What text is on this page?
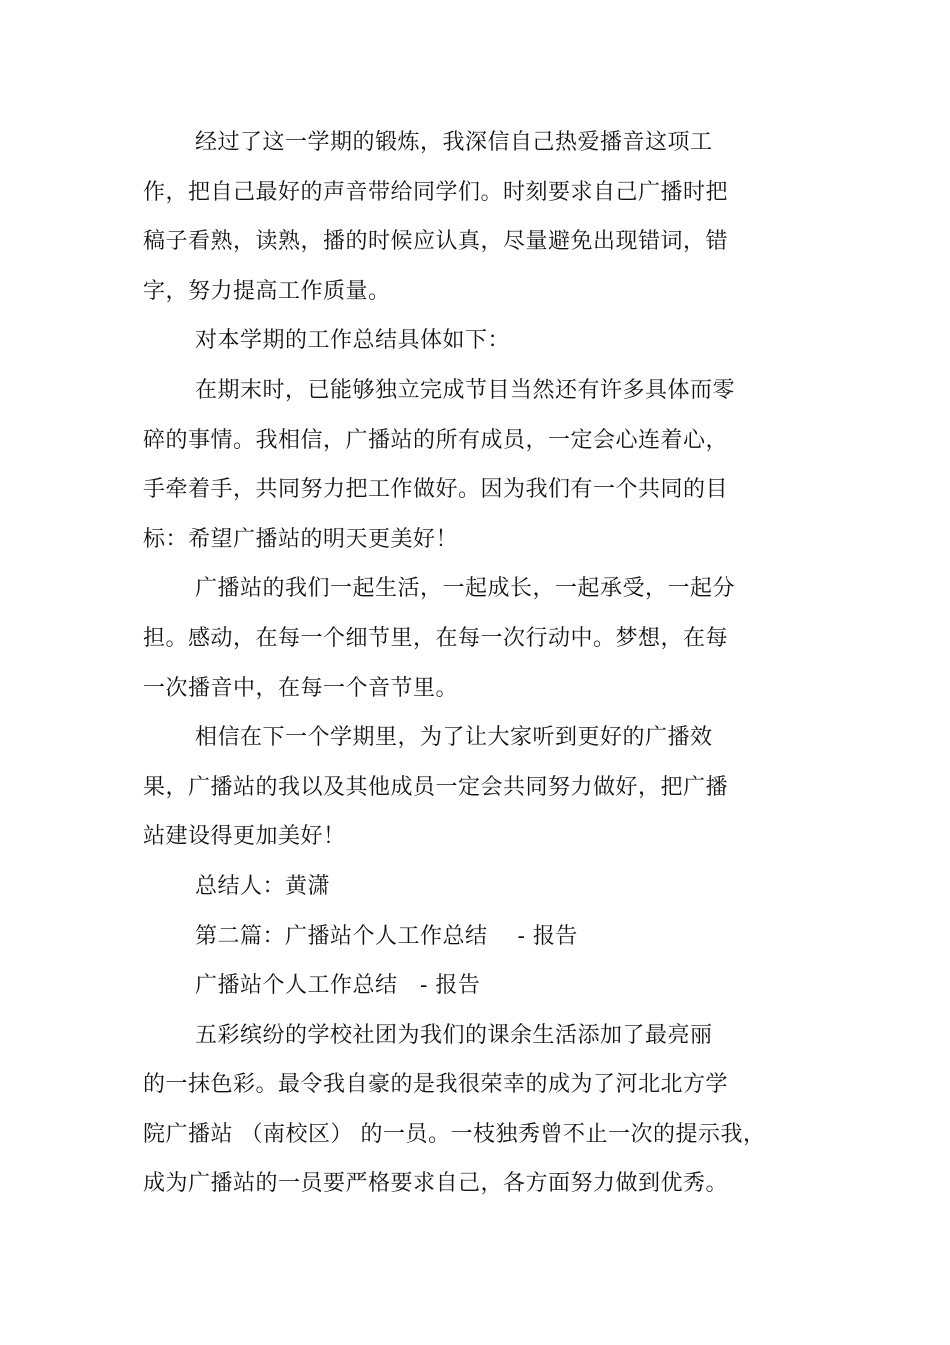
经过了这一学期的锻炼，我深信自己热爱播音这项工
作，把自己最好的声音带给同学们。时刻要求自己广播时把
稿子看熟，读熟，播的时候应认真，尽量避免出现错词，错
字，努力提高工作质量。
对本学期的工作总结具体如下：
在期末时，已能够独立完成节目当然还有许多具体而零
碎的事情。我相信，广播站的所有成员，一定会心连着心，
手牵着手，共同努力把工作做好。因为我们有一个共同的目
标：希望广播站的明天更美好！
广播站的我们一起生活，一起成长，一起承受，一起分
担。感动，在每一个细节里，在每一次行动中。梦想，在每
一次播音中，在每一个音节里。
相信在下一个学期里，为了让大家听到更好的广播效
果，广播站的我以及其他成员一定会共同努力做好，把广播
站建设得更加美好！
总结人：黄潇
第二篇：广播站个人工作总结　 - 报告
广播站个人工作总结　- 报告
五彩缤纷的学校社团为我们的课余生活添加了最亮丽
的一抹色彩。最令我自豪的是我很荣幸的成为了河北北方学
院广播站 （南校区） 的一员。一枝独秀曾不止一次的提示我，
成为广播站的一员要严格要求自己，各方面努力做到优秀。
